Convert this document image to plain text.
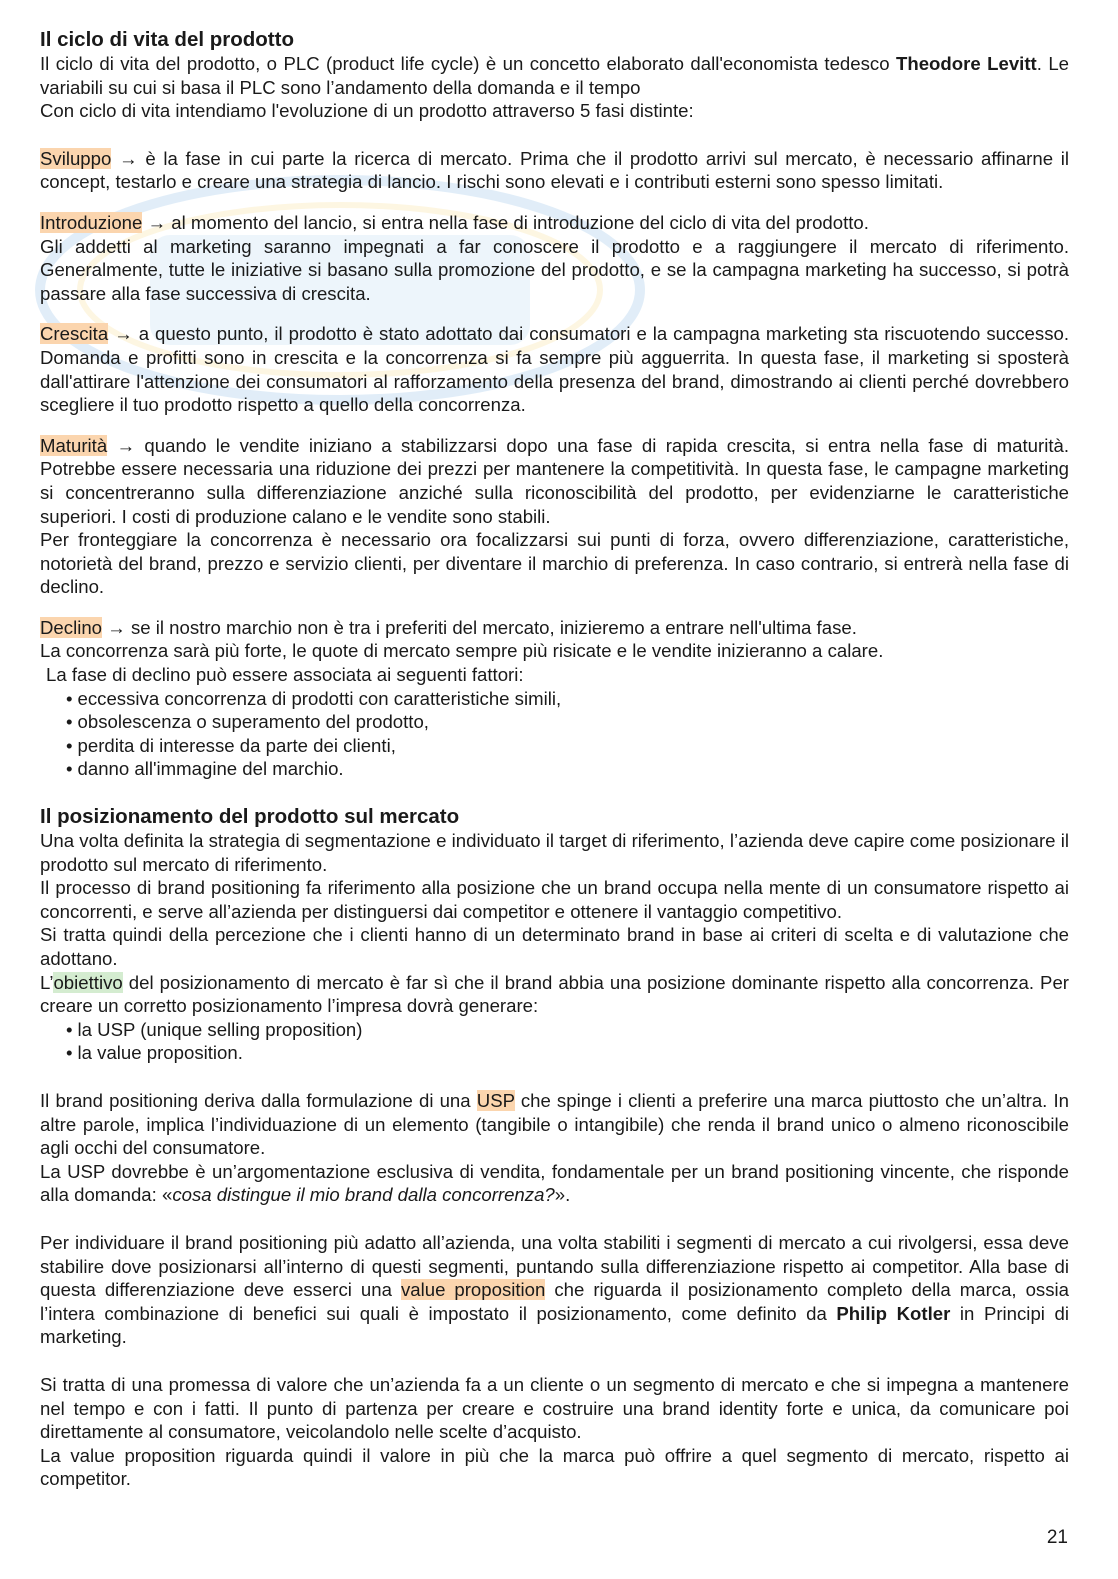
Il ciclo di vita del prodotto

Il ciclo di vita del prodotto, o PLC (product life cycle) è un concetto elaborato dall'economista tedesco Theodore Levitt. Le variabili su cui si basa il PLC sono l’andamento della domanda e il tempo

Con ciclo di vita intendiamo l'evoluzione di un prodotto attraverso 5 fasi distinte:

Sviluppo → è la fase in cui parte la ricerca di mercato. Prima che il prodotto arrivi sul mercato, è necessario affinarne il concept, testarlo e creare una strategia di lancio. I rischi sono elevati e i contributi esterni sono spesso limitati.

Introduzione → al momento del lancio, si entra nella fase di introduzione del ciclo di vita del prodotto.

Gli addetti al marketing saranno impegnati a far conoscere il prodotto e a raggiungere il mercato di riferimento. Generalmente, tutte le iniziative si basano sulla promozione del prodotto, e se la campagna marketing ha successo, si potrà passare alla fase successiva di crescita.

Crescita → a questo punto, il prodotto è stato adottato dai consumatori e la campagna marketing sta riscuotendo successo. Domanda e profitti sono in crescita e la concorrenza si fa sempre più agguerrita. In questa fase, il marketing si sposterà dall'attirare l'attenzione dei consumatori al rafforzamento della presenza del brand, dimostrando ai clienti perché dovrebbero scegliere il tuo prodotto rispetto a quello della concorrenza.

Maturità → quando le vendite iniziano a stabilizzarsi dopo una fase di rapida crescita, si entra nella fase di maturità. Potrebbe essere necessaria una riduzione dei prezzi per mantenere la competitività. In questa fase, le campagne marketing si concentreranno sulla differenziazione anziché sulla riconoscibilità del prodotto, per evidenziarne le caratteristiche superiori. I costi di produzione calano e le vendite sono stabili.

Per fronteggiare la concorrenza è necessario ora focalizzarsi sui punti di forza, ovvero differenziazione, caratteristiche, notorietà del brand, prezzo e servizio clienti, per diventare il marchio di preferenza. In caso contrario, si entrerà nella fase di declino.

Declino → se il nostro marchio non è tra i preferiti del mercato, inizieremo a entrare nell'ultima fase.

La concorrenza sarà più forte, le quote di mercato sempre più risicate e le vendite inizieranno a calare.

La fase di declino può essere associata ai seguenti fattori:

• eccessiva concorrenza di prodotti con caratteristiche simili,
• obsolescenza o superamento del prodotto,
• perdita di interesse da parte dei clienti,
• danno all'immagine del marchio.
Il posizionamento del prodotto sul mercato

Una volta definita la strategia di segmentazione e individuato il target di riferimento, l’azienda deve capire come posizionare il prodotto sul mercato di riferimento.

Il processo di brand positioning fa riferimento alla posizione che un brand occupa nella mente di un consumatore rispetto ai concorrenti, e serve all’azienda per distinguersi dai competitor e ottenere il vantaggio competitivo.

Si tratta quindi della percezione che i clienti hanno di un determinato brand in base ai criteri di scelta e di valutazione che adottano.

L’obiettivo del posizionamento di mercato è far sì che il brand abbia una posizione dominante rispetto alla concorrenza. Per creare un corretto posizionamento l’impresa dovrà generare:

• la USP (unique selling proposition)
• la value proposition.

Il brand positioning deriva dalla formulazione di una USP che spinge i clienti a preferire una marca piuttosto che un’altra. In altre parole, implica l’individuazione di un elemento (tangibile o intangibile) che renda il brand unico o almeno riconoscibile agli occhi del consumatore.

La USP dovrebbe è un’argomentazione esclusiva di vendita, fondamentale per un brand positioning vincente, che risponde alla domanda: «cosa distingue il mio brand dalla concorrenza?».

Per individuare il brand positioning più adatto all’azienda, una volta stabiliti i segmenti di mercato a cui rivolgersi, essa deve stabilire dove posizionarsi all’interno di questi segmenti, puntando sulla differenziazione rispetto ai competitor. Alla base di questa differenziazione deve esserci una value proposition che riguarda il posizionamento completo della marca, ossia l’intera combinazione di benefici sui quali è impostato il posizionamento, come definito da Philip Kotler in Principi di marketing.

Si tratta di una promessa di valore che un’azienda fa a un cliente o un segmento di mercato e che si impegna a mantenere nel tempo e con i fatti. Il punto di partenza per creare e costruire una brand identity forte e unica, da comunicare poi direttamente al consumatore, veicolandolo nelle scelte d’acquisto.

La value proposition riguarda quindi il valore in più che la marca può offrire a quel segmento di mercato, rispetto ai competitor.

21
